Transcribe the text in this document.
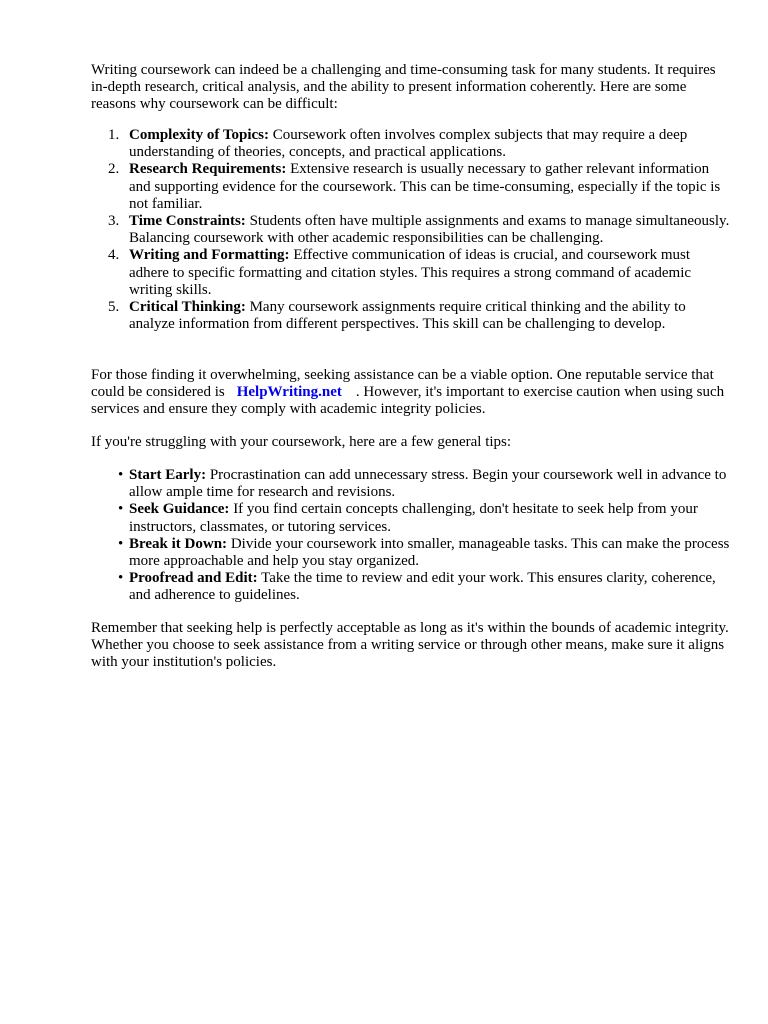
Writing coursework can indeed be a challenging and time-consuming task for many students. It requires in-depth research, critical analysis, and the ability to present information coherently. Here are some reasons why coursework can be difficult:

1. Complexity of Topics: Coursework often involves complex subjects that may require a deep understanding of theories, concepts, and practical applications.
2. Research Requirements: Extensive research is usually necessary to gather relevant information and supporting evidence for the coursework. This can be time-consuming, especially if the topic is not familiar.
3. Time Constraints: Students often have multiple assignments and exams to manage simultaneously. Balancing coursework with other academic responsibilities can be challenging.
4. Writing and Formatting: Effective communication of ideas is crucial, and coursework must adhere to specific formatting and citation styles. This requires a strong command of academic writing skills.
5. Critical Thinking: Many coursework assignments require critical thinking and the ability to analyze information from different perspectives. This skill can be challenging to develop.

For those finding it overwhelming, seeking assistance can be a viable option. One reputable service that could be considered is HelpWriting.net . However, it's important to exercise caution when using such services and ensure they comply with academic integrity policies.

If you're struggling with your coursework, here are a few general tips:

• Start Early: Procrastination can add unnecessary stress. Begin your coursework well in advance to allow ample time for research and revisions.
• Seek Guidance: If you find certain concepts challenging, don't hesitate to seek help from your instructors, classmates, or tutoring services.
• Break it Down: Divide your coursework into smaller, manageable tasks. This can make the process more approachable and help you stay organized.
• Proofread and Edit: Take the time to review and edit your work. This ensures clarity, coherence, and adherence to guidelines.

Remember that seeking help is perfectly acceptable as long as it's within the bounds of academic integrity. Whether you choose to seek assistance from a writing service or through other means, make sure it aligns with your institution's policies.
